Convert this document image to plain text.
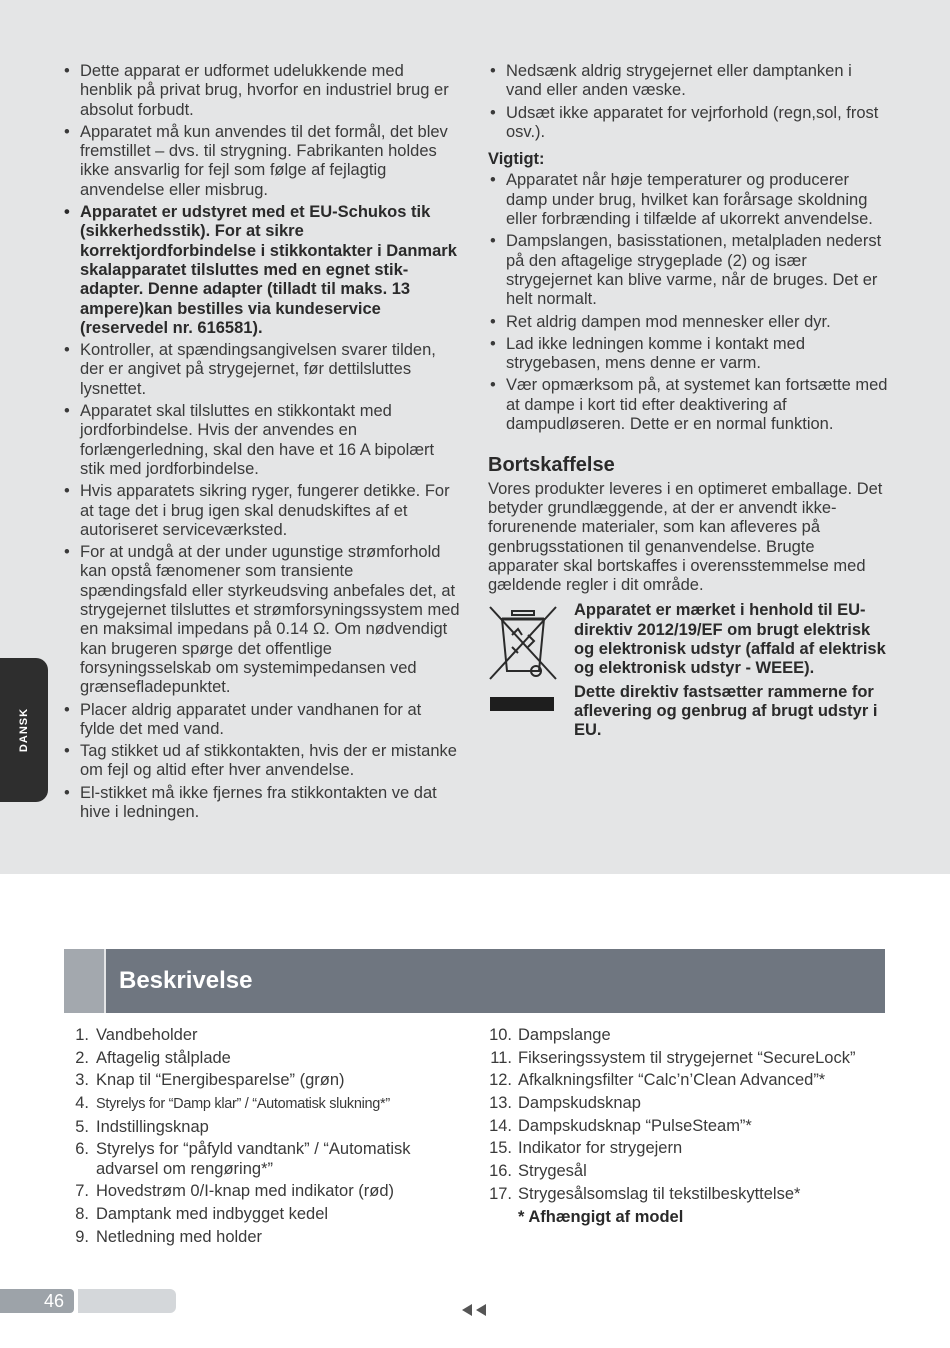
DANSK
• Dette apparat er udformet udelukkende med henblik på privat brug, hvorfor en industriel brug er absolut forbudt.
• Apparatet må kun anvendes til det formål, det blev fremstillet – dvs. til strygning. Fabrikanten holdes ikke ansvarlig for fejl som følge af fejlagtig anvendelse eller misbrug.
• Apparatet er udstyret med et EU-Schukos tik (sikkerhedsstik). For at sikre korrektjordforbindelse i stikkontakter i Danmark skalapparatet tilsluttes med en egnet stik-adapter. Denne adapter (tilladt til maks. 13 ampere)kan bestilles via kundeservice (reservedel nr. 616581).
• Kontroller, at spændingsangivelsen svarer tilden, der er angivet på strygejernet, før dettilsluttes lysnettet.
• Apparatet skal tilsluttes en stikkontakt med jordforbindelse. Hvis der anvendes en forlængerledning, skal den have et 16 A bipolært stik med jordforbindelse.
• Hvis apparatets sikring ryger, fungerer detikke. For at tage det i brug igen skal denudskiftes af et autoriseret serviceværksted.
• For at undgå at der under ugunstige strømforhold kan opstå fænomener som transiente spændingsfald eller styrkeudsving anbefales det, at strygejernet tilsluttes et strømforsyningssystem med en maksimal impedans på 0.14 Ω. Om nødvendigt kan brugeren spørge det offentlige forsyningsselskab om systemimpedansen ved grænsefladepunktet.
• Placer aldrig apparatet under vandhanen for at fylde det med vand.
• Tag stikket ud af stikkontakten, hvis der er mistanke om fejl og altid efter hver anvendelse.
• El-stikket må ikke fjernes fra stikkontakten ve dat hive i ledningen.
• Nedsænk aldrig strygejernet eller damptanken i vand eller anden væske.
• Udsæt ikke apparatet for vejrforhold (regn,sol, frost osv.).
Vigtigt:
• Apparatet når høje temperaturer og producerer damp under brug, hvilket kan forårsage skoldning eller forbrænding i tilfælde af ukorrekt anvendelse.
• Dampslangen, basisstationen, metalpladen nederst på den aftagelige strygeplade (2) og især strygejernet kan blive varme, når de bruges. Det er helt normalt.
• Ret aldrig dampen mod mennesker eller dyr.
• Lad ikke ledningen komme i kontakt med strygebasen, mens denne er varm.
• Vær opmærksom på, at systemet kan fortsætte med at dampe i kort tid efter deaktivering af dampudløseren. Dette er en normal funktion.
Bortskaffelse

Vores produkter leveres i en optimeret emballage. Det betyder grundlæggende, at der er anvendt ikke-forurenende materialer, som kan afleveres på genbrugsstationen til genanvendelse. Brugte apparater skal bortskaffes i overensstemmelse med gældende regler i dit område.

Apparatet er mærket i henhold til EU-direktiv 2012/19/EF om brugt elektrisk og elektronisk udstyr (affald af elektrisk og elektronisk udstyr - WEEE).

Dette direktiv fastsætter rammerne for aflevering og genbrug af brugt udstyr i EU.

Beskrivelse
1. Vandbeholder
2. Aftagelig stålplade
3. Knap til “Energibesparelse” (grøn)
4. Styrelys for “Damp klar” / “Automatisk slukning*”
5. Indstillingsknap
6. Styrelys for “påfyld vandtank” / “Automatisk advarsel om rengøring*”
7. Hovedstrøm 0/I-knap med indikator (rød)
8. Damptank med indbygget kedel
9. Netledning med holder
10. Dampslange
11. Fikseringssystem til strygejernet “SecureLock”
12. Afkalkningsfilter “Calc’n’Clean Advanced”*
13. Dampskudsknap
14. Dampskudsknap “PulseSteam”*
15. Indikator for strygejern
16. Strygesål
17. Strygesålsomslag til tekstilbeskyttelse*
* Afhængigt af model
46
